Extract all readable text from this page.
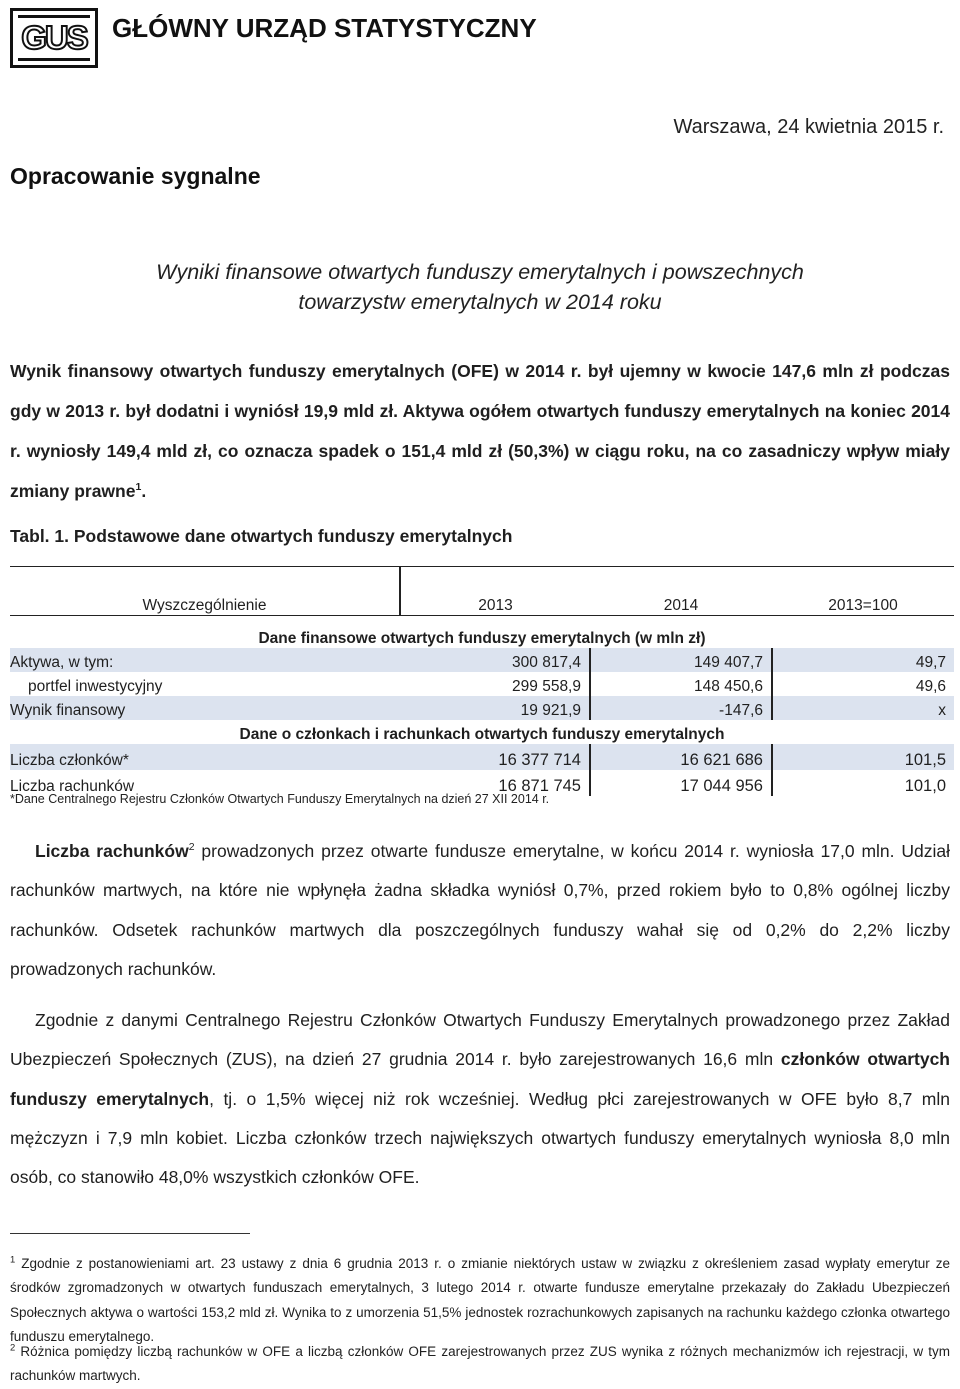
GUS GŁÓWNY URZĄD STATYSTYCZNY
Warszawa, 24 kwietnia 2015 r.
Opracowanie sygnalne
Wyniki finansowe otwartych funduszy emerytalnych i powszechnych
towarzystw emerytalnych w 2014 roku
Wynik finansowy otwartych funduszy emerytalnych (OFE) w 2014 r. był ujemny w kwocie 147,6 mln zł podczas gdy w 2013 r. był dodatni i wyniósł 19,9 mld zł. Aktywa ogółem otwartych funduszy emerytalnych na koniec 2014 r. wyniosły 149,4 mld zł, co oznacza spadek o 151,4 mld zł (50,3%) w ciągu roku, na co zasadniczy wpływ miały zmiany prawne$^1$.
Tabl. 1. Podstawowe dane otwartych funduszy emerytalnych
Wyszczególnienie	2013	2014	2013=100
Dane finansowe otwartych funduszy emerytalnych (w mln zł)			
Aktywa, w tym:	300 817,4	149 407,7	49,7
portfel inwestycyjny	299 558,9	148 450,6	49,6
Wynik finansowy	19 921,9	-147,6	x
Dane o członkach i rachunkach otwartych funduszy emerytalnych			
Liczba członków*	16 377 714	16 621 686	101,5
Liczba rachunków	16 871 745	17 044 956	101,0
*Dane Centralnego Rejestru Członków Otwartych Funduszy Emerytalnych na dzień 27 XII 2014 r.
Liczba rachunków$^2$ prowadzonych przez otwarte fundusze emerytalne, w końcu 2014 r. wyniosła 17,0 mln. Udział rachunków martwych, na które nie wpłynęła żadna składka wyniósł 0,7%, przed rokiem było to 0,8% ogólnej liczby rachunków. Odsetek rachunków martwych dla poszczególnych funduszy wahał się od 0,2% do 2,2% liczby prowadzonych rachunków.
Zgodnie z danymi Centralnego Rejestru Członków Otwartych Funduszy Emerytalnych prowadzonego przez Zakład Ubezpieczeń Społecznych (ZUS), na dzień 27 grudnia 2014 r. było zarejestrowanych 16,6 mln członków otwartych funduszy emerytalnych, tj. o 1,5% więcej niż rok wcześniej. Według płci zarejestrowanych w OFE było 8,7 mln mężczyzn i 7,9 mln kobiet. Liczba członków trzech największych otwartych funduszy emerytalnych wyniosła 8,0 mln osób, co stanowiło 48,0% wszystkich członków OFE.
$^1$ Zgodnie z postanowieniami art. 23 ustawy z dnia 6 grudnia 2013 r. o zmianie niektórych ustaw w związku z określeniem zasad wypłaty emerytur ze środków zgromadzonych w otwartych funduszach emerytalnych, 3 lutego 2014 r. otwarte fundusze emerytalne przekazały do Zakładu Ubezpieczeń Społecznych aktywa o wartości 153,2 mld zł. Wynika to z umorzenia 51,5% jednostek rozrachunkowych zapisanych na rachunku każdego członka otwartego funduszu emerytalnego.
$^2$ Różnica pomiędzy liczbą rachunków w OFE a liczbą członków OFE zarejestrowanych przez ZUS wynika z różnych mechanizmów ich rejestracji, w tym rachunków martwych.
